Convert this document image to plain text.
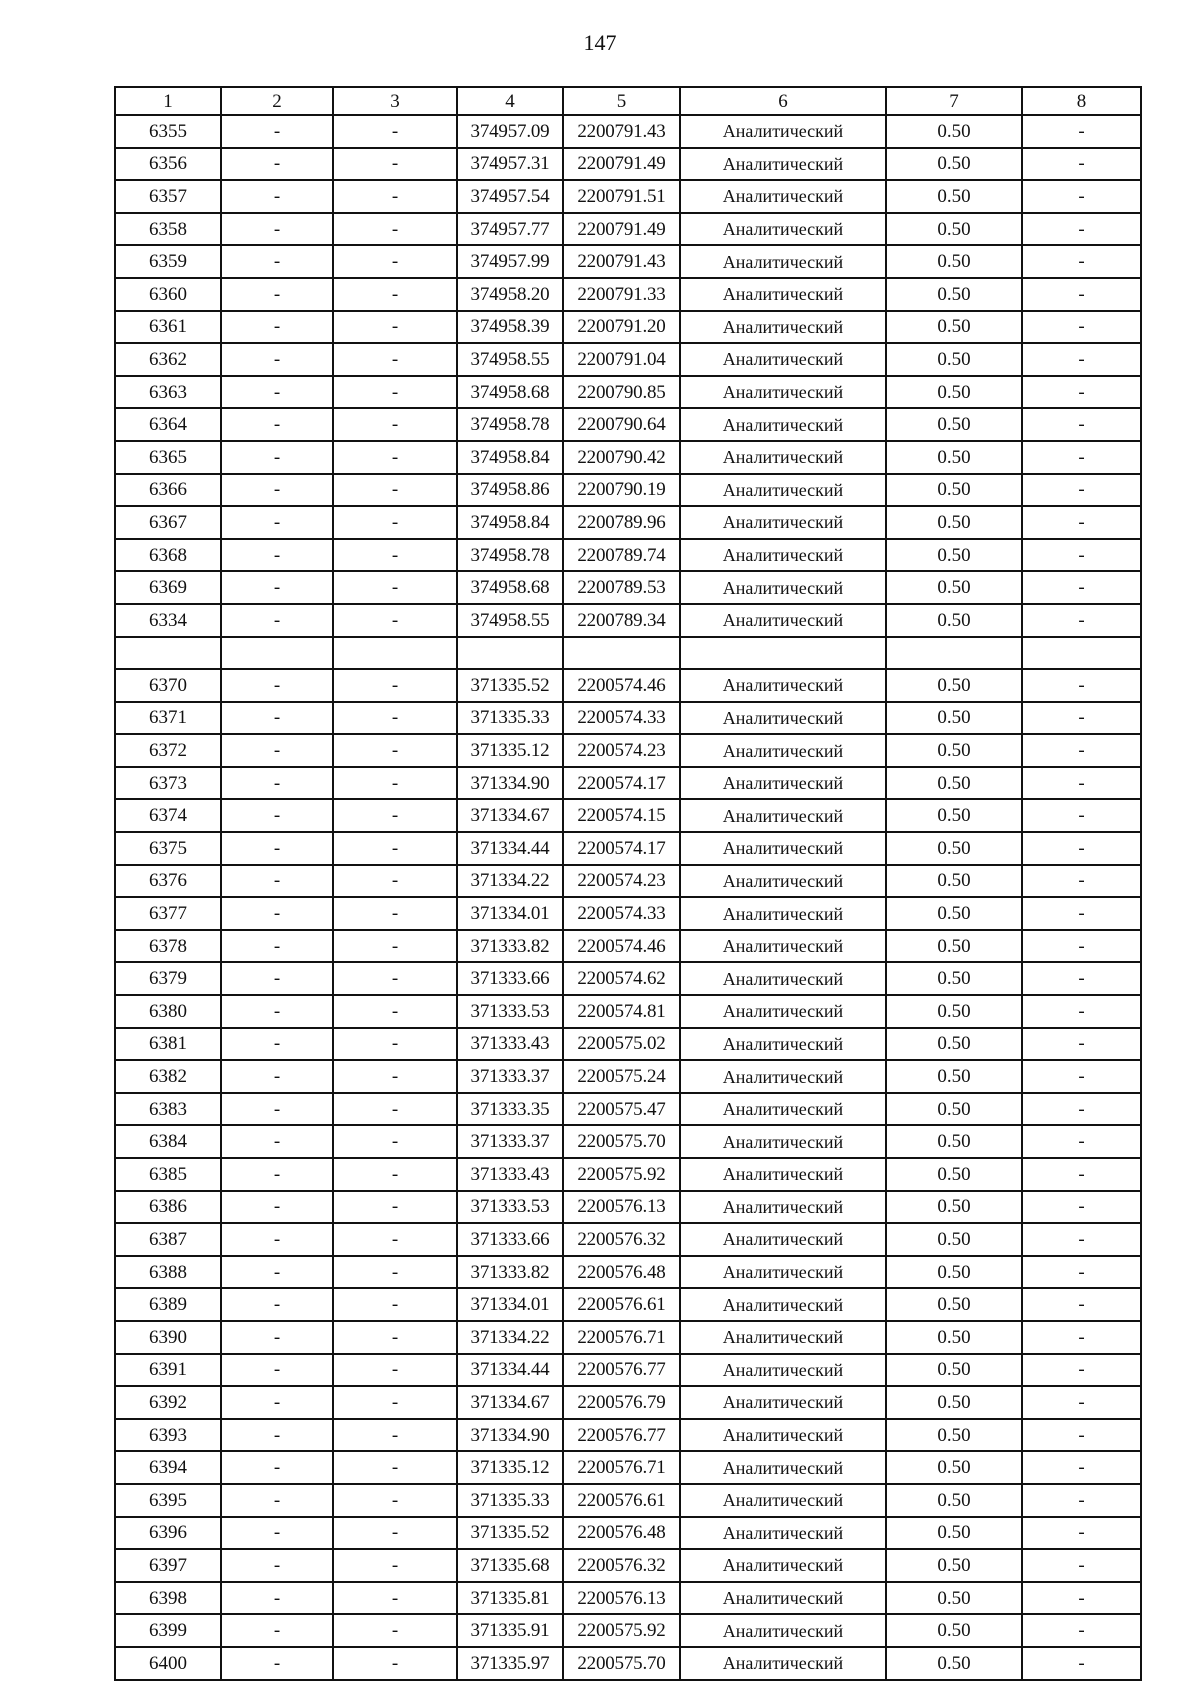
147
1	2	3	4	5	6	7	8
6355	-	-	374957.09	2200791.43	Аналитический	0.50	-
6356	-	-	374957.31	2200791.49	Аналитический	0.50	-
6357	-	-	374957.54	2200791.51	Аналитический	0.50	-
6358	-	-	374957.77	2200791.49	Аналитический	0.50	-
6359	-	-	374957.99	2200791.43	Аналитический	0.50	-
6360	-	-	374958.20	2200791.33	Аналитический	0.50	-
6361	-	-	374958.39	2200791.20	Аналитический	0.50	-
6362	-	-	374958.55	2200791.04	Аналитический	0.50	-
6363	-	-	374958.68	2200790.85	Аналитический	0.50	-
6364	-	-	374958.78	2200790.64	Аналитический	0.50	-
6365	-	-	374958.84	2200790.42	Аналитический	0.50	-
6366	-	-	374958.86	2200790.19	Аналитический	0.50	-
6367	-	-	374958.84	2200789.96	Аналитический	0.50	-
6368	-	-	374958.78	2200789.74	Аналитический	0.50	-
6369	-	-	374958.68	2200789.53	Аналитический	0.50	-
6334	-	-	374958.55	2200789.34	Аналитический	0.50	-

6370	-	-	371335.52	2200574.46	Аналитический	0.50	-
6371	-	-	371335.33	2200574.33	Аналитический	0.50	-
6372	-	-	371335.12	2200574.23	Аналитический	0.50	-
6373	-	-	371334.90	2200574.17	Аналитический	0.50	-
6374	-	-	371334.67	2200574.15	Аналитический	0.50	-
6375	-	-	371334.44	2200574.17	Аналитический	0.50	-
6376	-	-	371334.22	2200574.23	Аналитический	0.50	-
6377	-	-	371334.01	2200574.33	Аналитический	0.50	-
6378	-	-	371333.82	2200574.46	Аналитический	0.50	-
6379	-	-	371333.66	2200574.62	Аналитический	0.50	-
6380	-	-	371333.53	2200574.81	Аналитический	0.50	-
6381	-	-	371333.43	2200575.02	Аналитический	0.50	-
6382	-	-	371333.37	2200575.24	Аналитический	0.50	-
6383	-	-	371333.35	2200575.47	Аналитический	0.50	-
6384	-	-	371333.37	2200575.70	Аналитический	0.50	-
6385	-	-	371333.43	2200575.92	Аналитический	0.50	-
6386	-	-	371333.53	2200576.13	Аналитический	0.50	-
6387	-	-	371333.66	2200576.32	Аналитический	0.50	-
6388	-	-	371333.82	2200576.48	Аналитический	0.50	-
6389	-	-	371334.01	2200576.61	Аналитический	0.50	-
6390	-	-	371334.22	2200576.71	Аналитический	0.50	-
6391	-	-	371334.44	2200576.77	Аналитический	0.50	-
6392	-	-	371334.67	2200576.79	Аналитический	0.50	-
6393	-	-	371334.90	2200576.77	Аналитический	0.50	-
6394	-	-	371335.12	2200576.71	Аналитический	0.50	-
6395	-	-	371335.33	2200576.61	Аналитический	0.50	-
6396	-	-	371335.52	2200576.48	Аналитический	0.50	-
6397	-	-	371335.68	2200576.32	Аналитический	0.50	-
6398	-	-	371335.81	2200576.13	Аналитический	0.50	-
6399	-	-	371335.91	2200575.92	Аналитический	0.50	-
6400	-	-	371335.97	2200575.70	Аналитический	0.50	-
